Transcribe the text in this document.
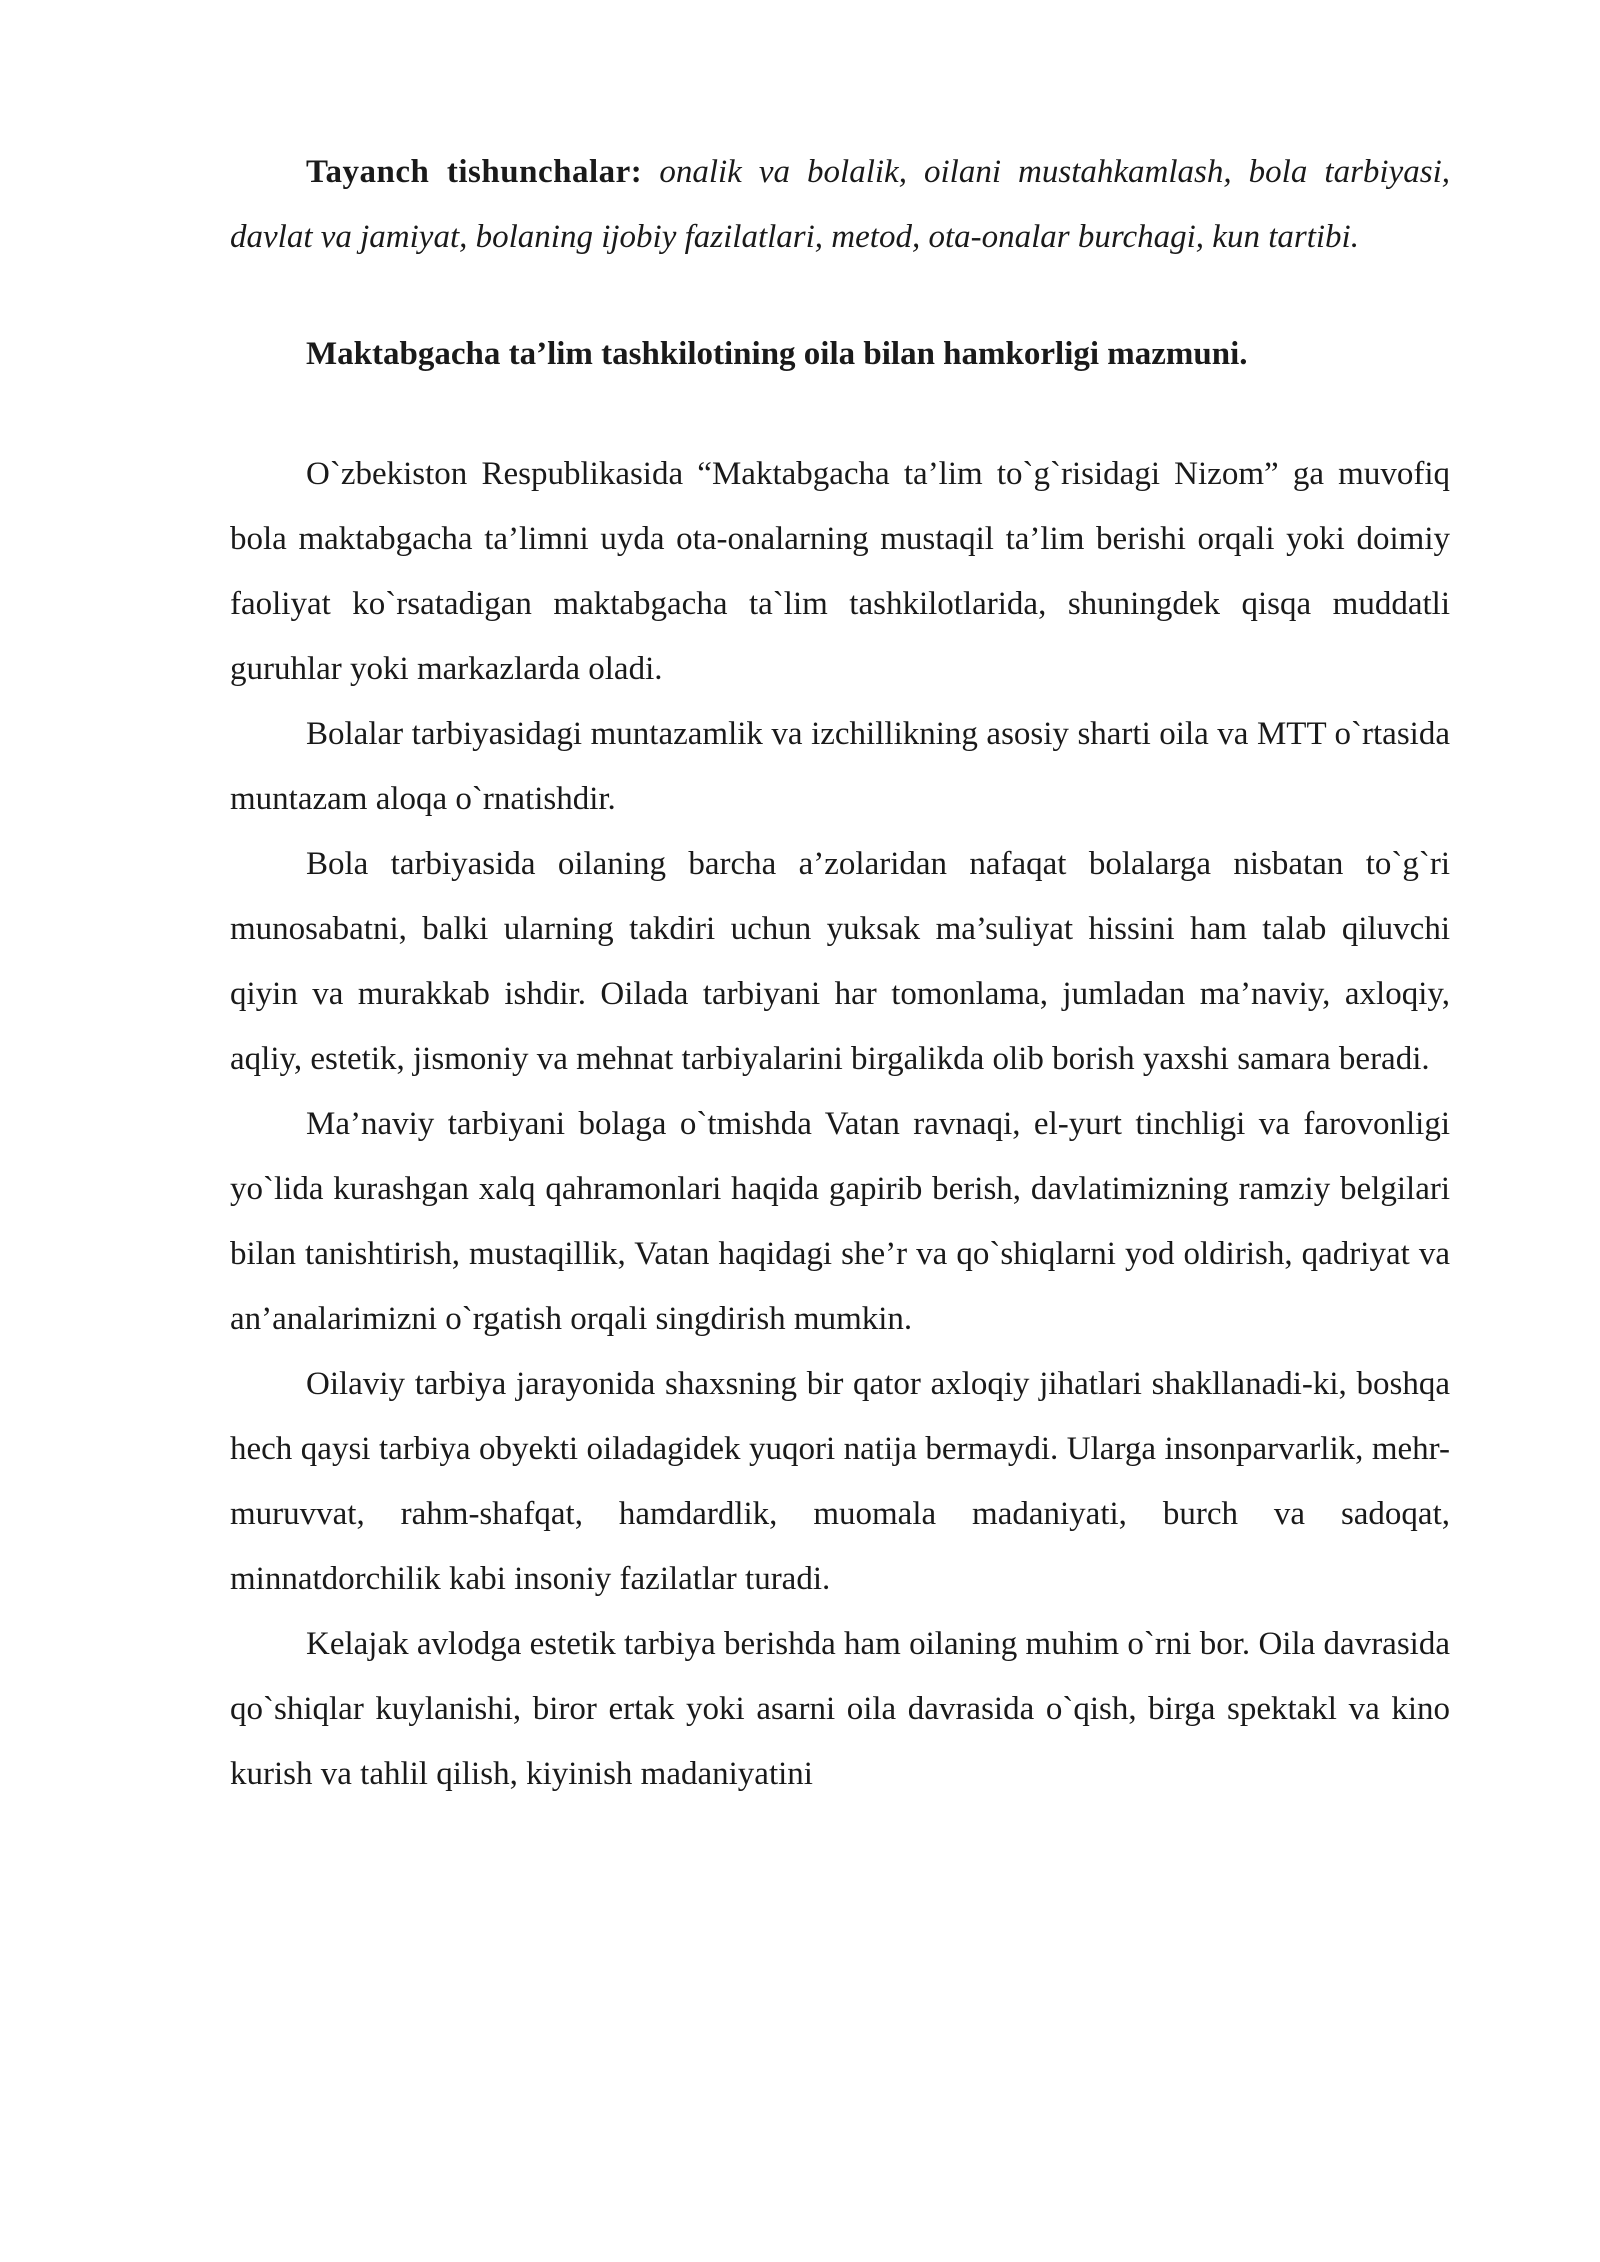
Tayanch tishunchalar: onalik va bolalik, oilani mustahkamlash, bola tarbiyasi, davlat va jamiyat, bolaning ijobiy fazilatlari, metod, ota-onalar burchagi, kun tartibi.

Maktabgacha ta’lim tashkilotining oila bilan hamkorligi mazmuni.

O`zbekiston Respublikasida “Maktabgacha ta’lim to`g`risidagi Nizom” ga muvofiq bola maktabgacha ta’limni uyda ota-onalarning mustaqil ta’lim berishi orqali yoki doimiy faoliyat ko`rsatadigan maktabgacha ta`lim tashkilotlarida, shuningdek qisqa muddatli guruhlar yoki markazlarda oladi.

Bolalar tarbiyasidagi muntazamlik va izchillikning asosiy sharti oila va MTT o`rtasida muntazam aloqa o`rnatishdir.

Bola tarbiyasida oilaning barcha a’zolaridan nafaqat bolalarga nisbatan to`g`ri munosabatni, balki ularning takdiri uchun yuksak ma’suliyat hissini ham talab qiluvchi qiyin va murakkab ishdir. Oilada tarbiyani har tomonlama, jumladan ma’naviy, axloqiy, aqliy, estetik, jismoniy va mehnat tarbiyalarini birgalikda olib borish yaxshi samara beradi.

Ma’naviy tarbiyani bolaga o`tmishda Vatan ravnaqi, el-yurt tinchligi va farovonligi yo`lida kurashgan xalq qahramonlari haqida gapirib berish, davlatimizning ramziy belgilari bilan tanishtirish, mustaqillik, Vatan haqidagi she’r va qo`shiqlarni yod oldirish, qadriyat va an’analarimizni o`rgatish orqali singdirish mumkin.

Oilaviy tarbiya jarayonida shaxsning bir qator axloqiy jihatlari shakllanadi-ki, boshqa hech qaysi tarbiya obyekti oiladagidek yuqori natija bermaydi. Ularga insonparvarlik, mehr-muruvvat, rahm-shafqat, hamdardlik, muomala madaniyati, burch va sadoqat, minnatdorchilik kabi insoniy fazilatlar turadi.

Kelajak avlodga estetik tarbiya berishda ham oilaning muhim o`rni bor. Oila davrasida qo`shiqlar kuylanishi, biror ertak yoki asarni oila davrasida o`qish, birga spektakl va kino kurish va tahlil qilish, kiyinish madaniyatini
